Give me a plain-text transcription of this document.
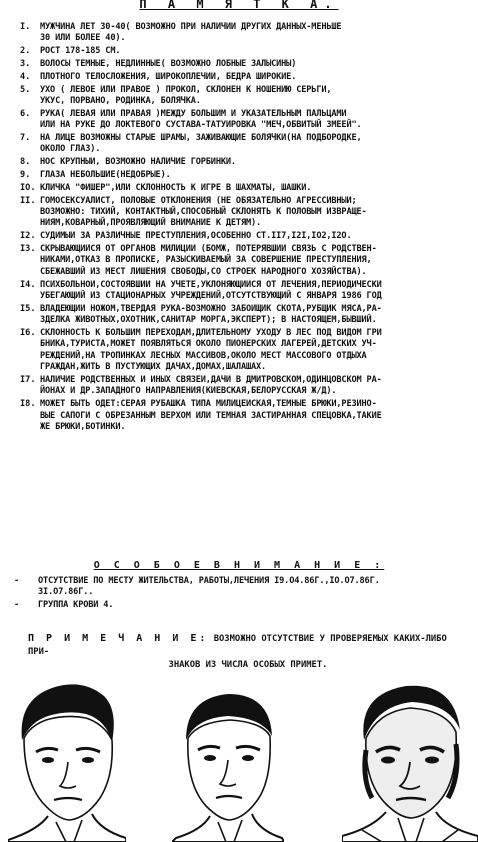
П А М Я Т К А.
I.	МУЖЧИНА ЛЕТ 30-40( ВОЗМОЖНО ПРИ НАЛИЧИИ ДРУГИХ ДАННЫХ-МЕНЬШЕ
30 ИЛИ БОЛЕЕ 40).
2.	РОСТ 178-185 СМ.
3.	ВОЛОСЫ ТЕМНЫЕ, НЕДЛИННЫЕ( ВОЗМОЖНО ЛОБНЫЕ ЗАЛЫСИНЫ)
4.	ПЛОТНОГО ТЕЛОСЛОЖЕНИЯ, ШИРОКОПЛЕЧИЙ, БЕДРА ШИРОКИЕ.
5.	УХО ( ЛЕВОЕ ИЛИ ПРАВОЕ ) ПРОКОЛ, СКЛОНЕН К НОШЕНИЮ СЕРЬГИ,
УКУС, ПОРВАНО, РОДИНКА, БОЛЯЧКА.
6.	РУКА( ЛЕВАЯ ИЛИ ПРАВАЯ )МЕЖДУ БОЛЬШИМ И УКАЗАТЕЛЬНЫМ ПАЛЬЦАМИ
ИЛИ НА РУКЕ ДО ЛОКТЕВОГО СУСТАВА-ТАТУИРОВКА "МЕЧ,ОБВИТЫЙ ЗМЕЕЙ".
7.	НА ЛИЦЕ ВОЗМОЖНЫ СТАРЫЕ ШРАМЫ, ЗАЖИВАЮЩИЕ БОЛЯЧКИ(НА ПОДБОРОДКЕ,
ОКОЛО ГЛАЗ).
8.	НОС КРУПНЫЙ, ВОЗМОЖНО НАЛИЧИЕ ГОРБИНКИ.
9.	ГЛАЗА НЕБОЛЬШИЕ(НЕДОБРЫЕ).
IO. КЛИЧКА "ФИШЕР",ИЛИ СКЛОННОСТЬ К ИГРЕ В ШАХМАТЫ, ШАШКИ.
II. ГОМОСЕКСУАЛИСТ, ПОЛОВЫЕ ОТКЛОНЕНИЯ (НЕ ОБЯЗАТЕЛЬНО АГРЕССИВНЫЙ;
ВОЗМОЖНО: ТИХИЙ, КОНТАКТНЫЙ,СПОСОБНЫЙ СКЛОНЯТЬ К ПОЛОВЫМ ИЗВРАЩЕ-
НИЯМ,КОВАРНЫЙ,ПРОЯВЛЯЮЩИЙ ВНИМАНИЕ К ДЕТЯМ).
I2. СУДИМЫЙ ЗА РАЗЛИЧНЫЕ ПРЕСТУПЛЕНИЯ,ОСОБЕННО СТ.II7,I2I,IO2,I2O.
I3. СКРЫВАЮЩИЙСЯ ОТ ОРГАНОВ МИЛИЦИИ (БОМЖ, ПОТЕРЯВШИЙ СВЯЗЬ С РОДСТВЕН-
НИКАМИ,ОТКАЗ В ПРОПИСКЕ, РАЗЫСКИВАЕМЫЙ ЗА СОВЕРШЕНИЕ ПРЕСТУПЛЕНИЯ,
СБЕЖАВШИЙ ИЗ МЕСТ ЛИШЕНИЯ СВОБОДЫ,СО СТРОЕК НАРОДНОГО ХОЗЯЙСТВА).
I4. ПСИХБОЛЬНОЙ,СОСТОЯВШИЙ НА УЧЕТЕ,УКЛОНЯЮЩИЙСЯ ОТ ЛЕЧЕНИЯ,ПЕРИОДИЧЕСКИ
УБЕГАЮЩИЙ ИЗ СТАЦИОНАРНЫХ УЧРЕЖДЕНИЙ,ОТСУТСТВУЮЩИЙ С ЯНВАРЯ 1986 ГОД
I5. ВЛАДЕЮЩИЙ НОЖОМ,ТВЕРДАЯ РУКА-ВОЗМОЖНО ЗАБОЙЩИК СКОТА,РУБЩИК МЯСА,РА-
ЗДЕЛКА ЖИВОТНЫХ,ОХОТНИК,САНИТАР МОРГА,ЭКСПЕРТ); В НАСТОЯЩЕМ,БЫВШИЙ.
I6. СКЛОННОСТЬ К БОЛЬШИМ ПЕРЕХОДАМ,ДЛИТЕЛЬНОМУ УХОДУ В ЛЕС ПОД ВИДОМ ГРИ
БНИКА,ТУРИСТА,МОЖЕТ ПОЯВЛЯТЬСЯ ОКОЛО ПИОНЕРСКИХ ЛАГЕРЕЙ,ДЕТСКИХ УЧ-
РЕЖДЕНИЙ,НА ТРОПИНКАХ ЛЕСНЫХ МАССИВОВ,ОКОЛО МЕСТ МАССОВОГО ОТДЫХА
ГРАЖДАН,ЖИТЬ В ПУСТУЮЩИХ ДАЧАХ,ДОМАХ,ШАЛАШАХ.
I7. НАЛИЧИЕ РОДСТВЕННЫХ И ИНЫХ СВЯЗЕЙ,ДАЧИ В ДМИТРОВСКОМ,ОДИНЦОВСКОМ РА-
ЙОНАХ И ДР.ЗАПАДНОГО НАПРАВЛЕНИЯ(КИЕВСКАЯ,БЕЛОРУССКАЯ Ж/Д).
I8. МОЖЕТ БЫТЬ ОДЕТ:СЕРАЯ РУБАШКА ТИПА МИЛИЦЕЙСКАЯ,ТЕМНЫЕ БРЮКИ,РЕЗИНО-
ВЫЕ САПОГИ С ОБРЕЗАННЫМ ВЕРХОМ ИЛИ ТЕМНАЯ ЗАСТИРАННАЯ СПЕЦОВКА,ТАКИЕ
ЖЕ БРЮКИ,БОТИНКИ.
О С О Б О Е В Н И М А Н И Е :
-	ОТСУТСТВИЕ ПО МЕСТУ ЖИТЕЛЬСТВА, РАБОТЫ,ЛЕЧЕНИЯ I9.O4.86Г.,IO.O7.86Г.
3I.O7.86Г..
-	ГРУППА КРОВИ 4.
П Р И М Е Ч А Н И Е: ВОЗМОЖНО ОТСУТСТВИЕ У ПРОВЕРЯЕМЫХ КАКИХ-ЛИБО ПРИ-
ЗНАКОВ ИЗ ЧИСЛА ОСОБЫХ ПРИМЕТ.
